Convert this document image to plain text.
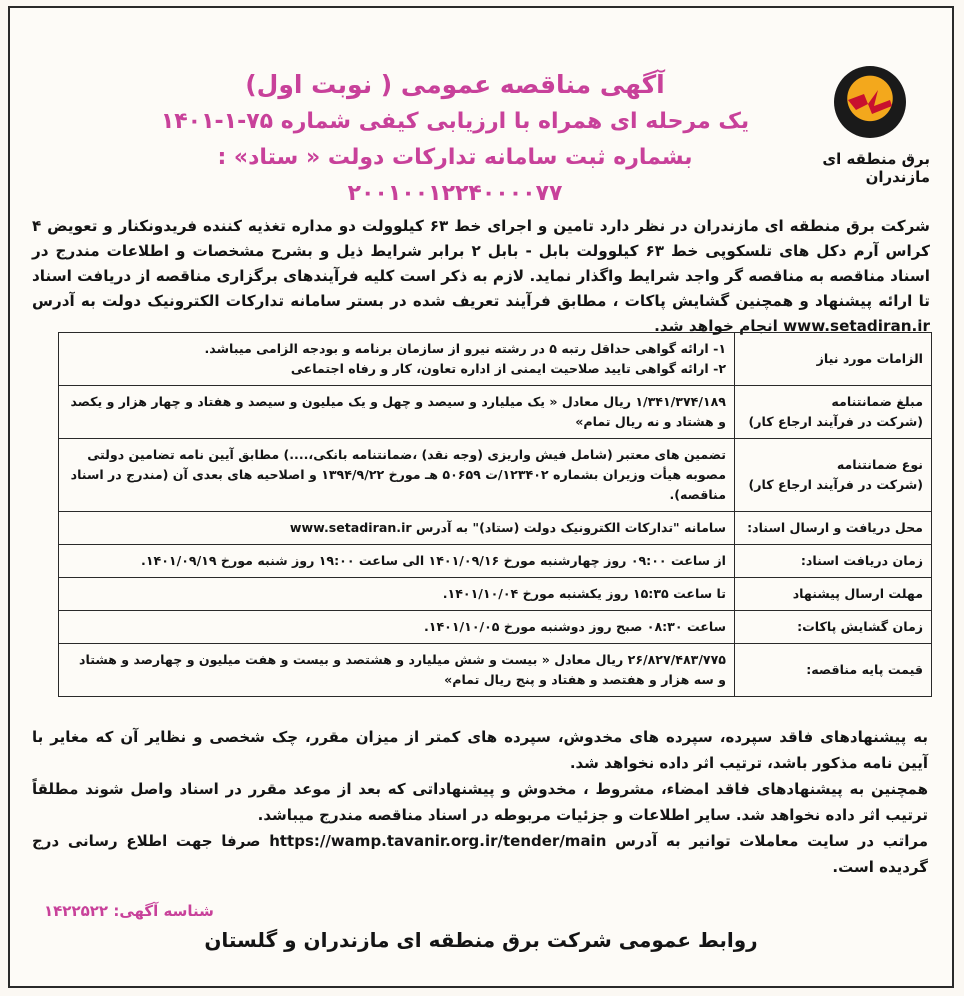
برق منطقه ای مازندران
آگهی مناقصه عمومی ( نوبت اول)
یک مرحله ای همراه با ارزیابی کیفی شماره ۷۵-۱-۱۴۰۱
بشماره ثبت سامانه تدارکات دولت « ستاد» : ۲۰۰۱۰۰۱۲۲۴۰۰۰۰۷۷
شرکت برق منطقه ای مازندران در نظر دارد تامین و اجرای خط ۶۳ کیلوولت دو مداره تغذیه کننده فریدونکنار و تعویض ۴ کراس آرم دکل های تلسکوپی خط ۶۳ کیلوولت بابل - بابل ۲ برابر شرایط ذیل و بشرح مشخصات و اطلاعات مندرج در اسناد مناقصه به مناقصه گر واجد شرایط واگذار نماید. لازم به ذکر است کلیه فرآیندهای برگزاری مناقصه از دریافت اسناد تا ارائه پیشنهاد و همچنین گشایش پاکات ، مطابق فرآیند تعریف شده در بستر سامانه تدارکات الکترونیک دولت به آدرس www.setadiran.ir انجام خواهد شد.
الزامات مورد نیاز	۱- ارائه گواهی حداقل رتبه ۵ در رشته نیرو از سازمان برنامه و بودجه الزامی میباشد.
۲- ارائه گواهی تایید صلاحیت ایمنی از اداره تعاون، کار و رفاه اجتماعی
مبلغ ضمانتنامه
(شرکت در فرآیند ارجاع کار)	۱/۳۴۱/۳۷۴/۱۸۹ ریال معادل « یک میلیارد و سیصد و چهل و یک میلیون و سیصد و هفتاد و چهار هزار و یکصد و هشتاد و نه ریال تمام»
نوع ضمانتنامه
(شرکت در فرآیند ارجاع کار)	تضمین های معتبر (شامل فیش واریزی (وجه نقد) ،ضمانتنامه بانکی،....) مطابق آیین نامه تضامین دولتی مصوبه هیأت وزیران بشماره ۱۲۳۴۰۲/ت ۵۰۶۵۹ هـ مورخ ۱۳۹۴/۹/۲۲ و اصلاحیه های بعدی آن (مندرج در اسناد مناقصه).
محل دریافت و ارسال اسناد:	سامانه "تدارکات الکترونیک دولت (ستاد)" به آدرس www.setadiran.ir
زمان دریافت اسناد:	از ساعت ۰۹:۰۰ روز چهارشنبه مورخ ۱۴۰۱/۰۹/۱۶ الی ساعت ۱۹:۰۰ روز شنبه مورخ ۱۴۰۱/۰۹/۱۹.
مهلت ارسال پیشنهاد	تا ساعت ۱۵:۳۵ روز یکشنبه مورخ ۱۴۰۱/۱۰/۰۴.
زمان گشایش پاکات:	ساعت ۰۸:۳۰ صبح روز دوشنبه مورخ ۱۴۰۱/۱۰/۰۵.
قیمت پایه مناقصه:	۲۶/۸۲۷/۴۸۳/۷۷۵ ریال معادل « بیست و شش میلیارد و هشتصد و بیست و هفت میلیون و چهارصد و هشتاد و سه هزار و هفتصد و هفتاد و پنج ریال تمام»

به پیشنهادهای فاقد سپرده، سپرده های مخدوش، سپرده های کمتر از میزان مقرر، چک شخصی و نظایر آن که مغایر با آیین نامه مذکور باشد، ترتیب اثر داده نخواهد شد.

همچنین به پیشنهادهای فاقد امضاء، مشروط ، مخدوش و پیشنهاداتی که بعد از موعد مقرر در اسناد واصل شوند مطلقاً ترتیب اثر داده نخواهد شد. سایر اطلاعات و جزئیات مربوطه در اسناد مناقصه مندرج میباشد.

مراتب در سایت معاملات توانیر به آدرس https://wamp.tavanir.org.ir/tender/main صرفا جهت اطلاع رسانی درج گردیده است.

شناسه آگهی: ۱۴۲۲۵۲۲
روابط عمومی شرکت برق منطقه ای مازندران و گلستان
